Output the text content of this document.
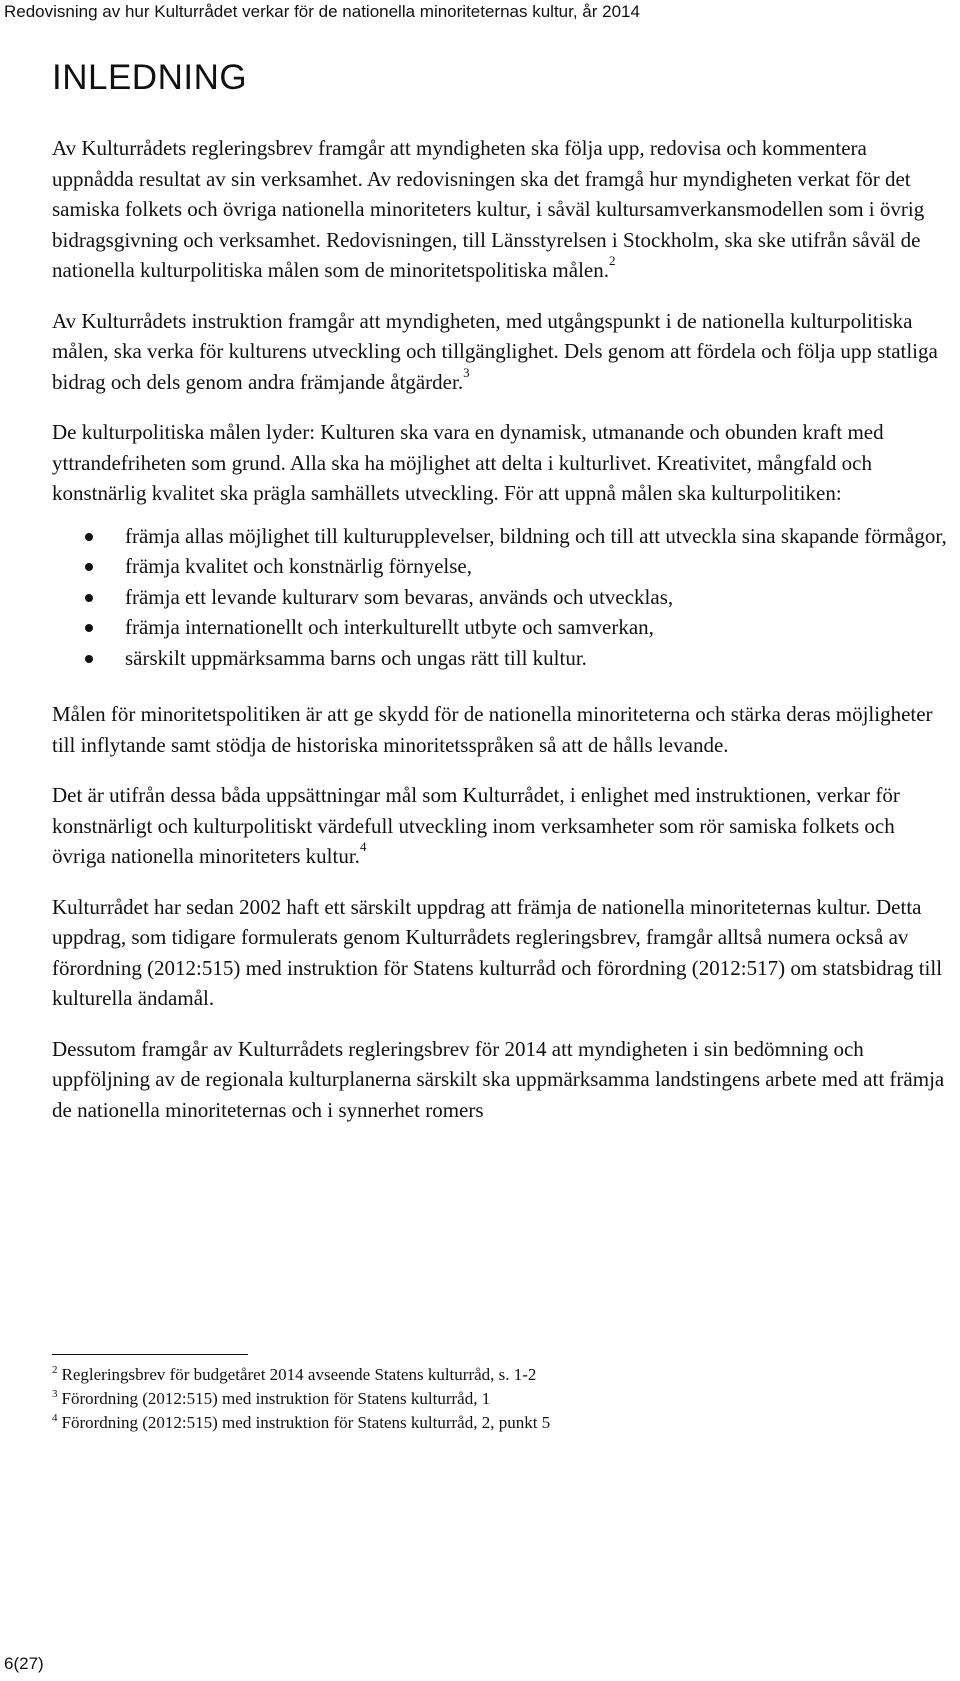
Redovisning av hur Kulturrådet verkar för de nationella minoriteternas kultur, år 2014
INLEDNING

Av Kulturrådets regleringsbrev framgår att myndigheten ska följa upp, redovisa och kommentera uppnådda resultat av sin verksamhet. Av redovisningen ska det framgå hur myndigheten verkat för det samiska folkets och övriga nationella minoriteters kultur, i såväl kultursamverkansmodellen som i övrig bidragsgivning och verksamhet. Redovisningen, till Länsstyrelsen i Stockholm, ska ske utifrån såväl de nationella kulturpolitiska målen som de minoritetspolitiska målen.$^2$

Av Kulturrådets instruktion framgår att myndigheten, med utgångspunkt i de nationella kulturpolitiska målen, ska verka för kulturens utveckling och tillgänglighet. Dels genom att fördela och följa upp statliga bidrag och dels genom andra främjande åtgärder.$^3$

De kulturpolitiska målen lyder: Kulturen ska vara en dynamisk, utmanande och obunden kraft med yttrandefriheten som grund. Alla ska ha möjlighet att delta i kulturlivet. Kreativitet, mångfald och konstnärlig kvalitet ska prägla samhällets utveckling. För att uppnå målen ska kulturpolitiken:

främja allas möjlighet till kulturupplevelser, bildning och till att utveckla sina skapande förmågor,
främja kvalitet och konstnärlig förnyelse,
främja ett levande kulturarv som bevaras, används och utvecklas,
främja internationellt och interkulturellt utbyte och samverkan,
särskilt uppmärksamma barns och ungas rätt till kultur.

Målen för minoritetspolitiken är att ge skydd för de nationella minoriteterna och stärka deras möjligheter till inflytande samt stödja de historiska minoritetsspråken så att de hålls levande.

Det är utifrån dessa båda uppsättningar mål som Kulturrådet, i enlighet med instruktionen, verkar för konstnärligt och kulturpolitiskt värdefull utveckling inom verksamheter som rör samiska folkets och övriga nationella minoriteters kultur.$^4$

Kulturrådet har sedan 2002 haft ett särskilt uppdrag att främja de nationella minoriteternas kultur. Detta uppdrag, som tidigare formulerats genom Kulturrådets regleringsbrev, framgår alltså numera också av förordning (2012:515) med instruktion för Statens kulturråd och förordning (2012:517) om statsbidrag till kulturella ändamål.

Dessutom framgår av Kulturrådets regleringsbrev för 2014 att myndigheten i sin bedömning och uppföljning av de regionala kulturplanerna särskilt ska uppmärksamma landstingens arbete med att främja de nationella minoriteternas och i synnerhet romers

$^2$ Regleringsbrev för budgetåret 2014 avseende Statens kulturråd, s. 1-2
$^3$ Förordning (2012:515) med instruktion för Statens kulturråd, 1
$^4$ Förordning (2012:515) med instruktion för Statens kulturråd, 2, punkt 5
6(27)
